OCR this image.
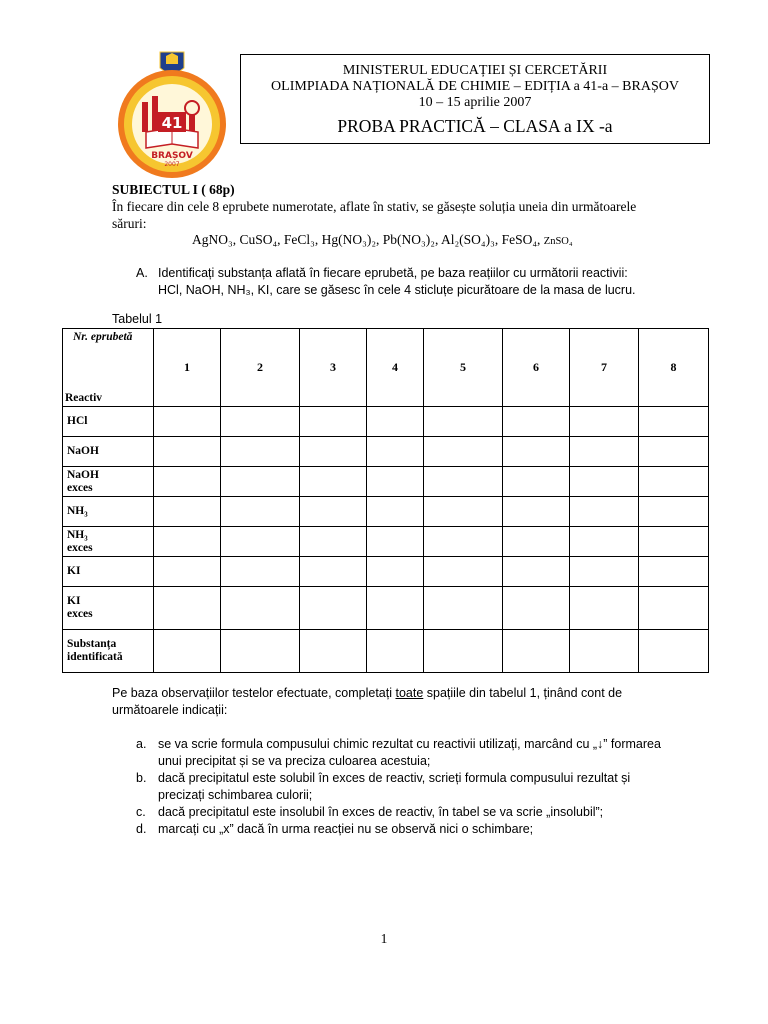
41
BRAȘOV
2007
MINISTERUL EDUCAȚIEI ȘI CERCETĂRII
OLIMPIADA NAȚIONALĂ DE CHIMIE – EDIȚIA a 41-a – BRAȘOV
10 – 15 aprilie 2007
PROBA PRACTICĂ – CLASA a IX -a
SUBIECTUL I ( 68p)
În fiecare din cele 8 eprubete numerotate, aflate în stativ, se găsește soluția uneia din următoarele săruri:
AgNO₃, CuSO₄, FeCl₃, Hg(NO₃)₂, Pb(NO₃)₂, Al₂(SO₄)₃, FeSO₄, ZnSO₄
A. Identificați substanța aflată în fiecare eprubetă, pe baza reațiilor cu următorii reactivii:
HCl, NaOH, NH₃, KI, care se găsesc în cele 4 sticluțe picurătoare de la masa de lucru.
Tabelul 1
Nr. eprubetă
Reactiv	1	2	3	4	5	6	7	8

HCl								

NaOH								

NaOH
exces								

NH₃								

NH₃
exces								

KI								

KI
exces								

Substanța
identificată								

Pe baza observațiilor testelor efectuate, completați toate spațiile din tabelul 1, ținând cont de următoarele indicații:
a. se va scrie formula compusului chimic rezultat cu reactivii utilizați, marcând cu „↓” formarea unui precipitat și se va preciza culoarea acestuia;
b. dacă precipitatul este solubil în exces de reactiv, scrieți formula compusului rezultat și precizați schimbarea culorii;
c. dacă precipitatul este insolubil în exces de reactiv, în tabel se va scrie „insolubil”;
d. marcați cu „x” dacă în urma reacției nu se observă nici o schimbare;
1
